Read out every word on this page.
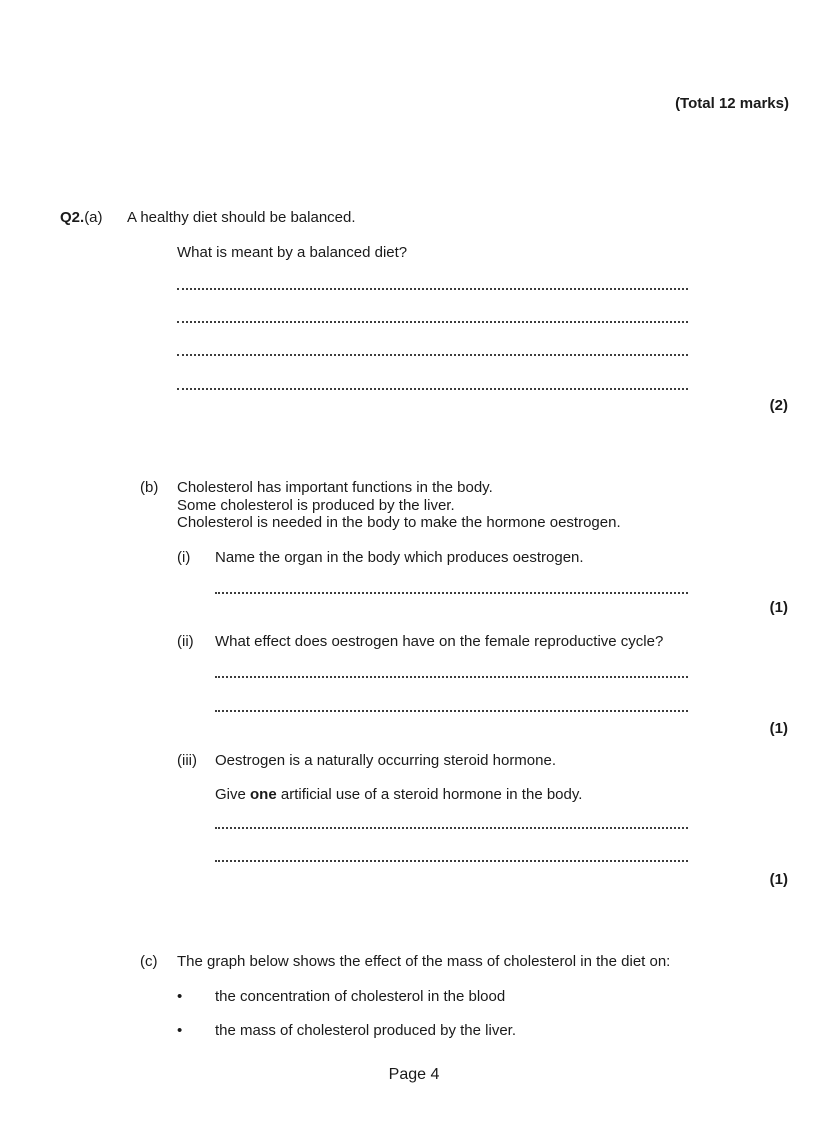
(Total 12 marks)
Q2.(a)	A healthy diet should be balanced.
What is meant by a balanced diet?
(2)
(b)	Cholesterol has important functions in the body.
Some cholesterol is produced by the liver.
Cholesterol is needed in the body to make the hormone oestrogen.
(i)	Name the organ in the body which produces oestrogen.
(1)
(ii)	What effect does oestrogen have on the female reproductive cycle?
(1)
(iii)	Oestrogen is a naturally occurring steroid hormone.
Give one artificial use of a steroid hormone in the body.
(1)
(c)	The graph below shows the effect of the mass of cholesterol in the diet on:
•	the concentration of cholesterol in the blood
•	the mass of cholesterol produced by the liver.
Page 4
